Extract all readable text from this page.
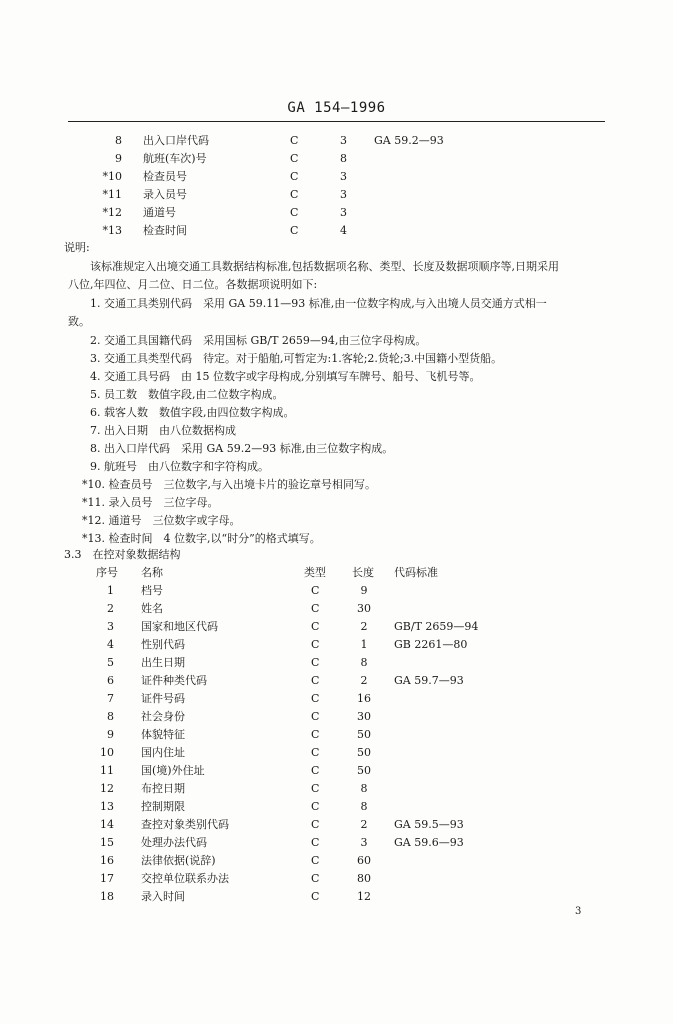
GA 154—1996
8 出入口岸代码	C	3 GA 59.2—93
9 航班(车次)号	C	8
*10 检查员号	C	3
*11 录入员号	C	3
*12 通道号	C	3
*13 检查时间	C	4
说明:
该标准规定入出境交通工具数据结构标准,包括数据项名称、类型、长度及数据项顺序等,日期采用
八位,年四位、月二位、日二位。各数据项说明如下:
1. 交通工具类别代码　采用 GA 59.11—93 标准,由一位数字构成,与入出境人员交通方式相一
致。
2. 交通工具国籍代码　采用国标 GB/T 2659—94,由三位字母构成。
3. 交通工具类型代码　待定。对于船舶,可暂定为:1.客轮;2.货轮;3.中国籍小型货船。
4. 交通工具号码　由 15 位数字或字母构成,分别填写车牌号、船号、飞机号等。
5. 员工数　数值字段,由二位数字构成。
6. 载客人数　数值字段,由四位数字构成。
7. 出入日期　由八位数据构成
8. 出入口岸代码　采用 GA 59.2—93 标准,由三位数字构成。
9. 航班号　由八位数字和字符构成。
*10. 检查员号　三位数字,与入出境卡片的验讫章号相同写。
*11. 录入员号　三位字母。
*12. 通道号　三位数字或字母。
*13. 检查时间　4 位数字,以“时分”的格式填写。
3.3　在控对象数据结构
序号 名称	类型 长度 代码标准
1 档号	C	9
2 姓名	C	30
3 国家和地区代码	C	2	GB/T 2659—94
4 性别代码	C	1	GB 2261—80
5 出生日期	C	8
6 证件种类代码	C	2	GA 59.7—93
7 证件号码	C	16
8 社会身份	C	30
9 体貌特征	C	50
10 国内住址	C	50
11 国(境)外住址	C	50
12 布控日期	C	8
13 控制期限	C	8
14 查控对象类别代码	C	2	GA 59.5—93
15 处理办法代码	C	3	GA 59.6—93
16 法律依据(说辞)	C	60
17 交控单位联系办法	C	80
18 录入时间	C	12
3
